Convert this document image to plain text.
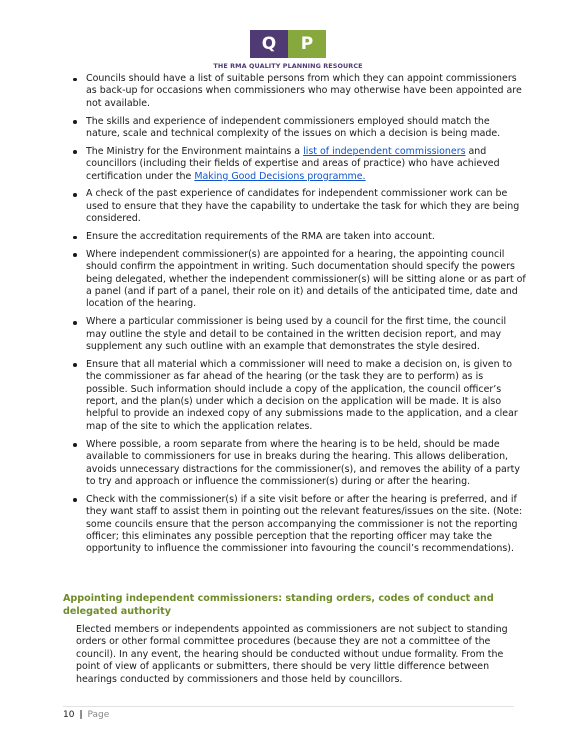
Q	P
THE RMA QUALITY PLANNING RESOURCE
Councils should have a list of suitable persons from which they can appoint commissioners as back-up for occasions when commissioners who may otherwise have been appointed are not available.
The skills and experience of independent commissioners employed should match the nature, scale and technical complexity of the issues on which a decision is being made.
The Ministry for the Environment maintains a list of independent commissioners and councillors (including their fields of expertise and areas of practice) who have achieved certification under the Making Good Decisions programme.
A check of the past experience of candidates for independent commissioner work can be used to ensure that they have the capability to undertake the task for which they are being considered.
Ensure the accreditation requirements of the RMA are taken into account.
Where independent commissioner(s) are appointed for a hearing, the appointing council should confirm the appointment in writing. Such documentation should specify the powers being delegated, whether the independent commissioner(s) will be sitting alone or as part of a panel (and if part of a panel, their role on it) and details of the anticipated time, date and location of the hearing.
Where a particular commissioner is being used by a council for the first time, the council may outline the style and detail to be contained in the written decision report, and may supplement any such outline with an example that demonstrates the style desired.
Ensure that all material which a commissioner will need to make a decision on, is given to the commissioner as far ahead of the hearing (or the task they are to perform) as is possible. Such information should include a copy of the application, the council officer’s report, and the plan(s) under which a decision on the application will be made. It is also helpful to provide an indexed copy of any submissions made to the application, and a clear map of the site to which the application relates.
Where possible, a room separate from where the hearing is to be held, should be made available to commissioners for use in breaks during the hearing. This allows deliberation, avoids unnecessary distractions for the commissioner(s), and removes the ability of a party to try and approach or influence the commissioner(s) during or after the hearing.
Check with the commissioner(s) if a site visit before or after the hearing is preferred, and if they want staff to assist them in pointing out the relevant features/issues on the site. (Note: some councils ensure that the person accompanying the commissioner is not the reporting officer; this eliminates any possible perception that the reporting officer may take the opportunity to influence the commissioner into favouring the council’s recommendations).
Appointing independent commissioners: standing orders, codes of conduct and delegated authority
Elected members or independents appointed as commissioners are not subject to standing orders or other formal committee procedures (because they are not a committee of the council). In any event, the hearing should be conducted without undue formality. From the point of view of applicants or submitters, there should be very little difference between hearings conducted by commissioners and those held by councillors.
10 | Page
